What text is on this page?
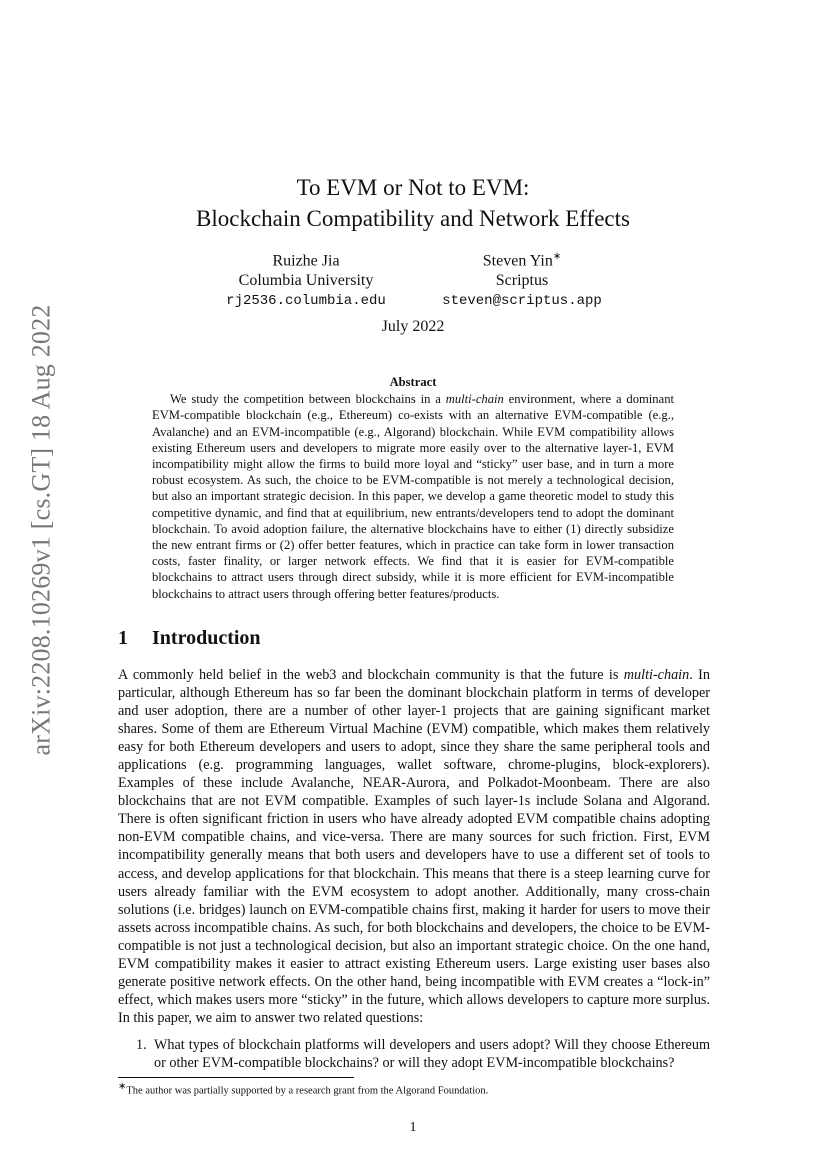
arXiv:2208.10269v1 [cs.GT] 18 Aug 2022
To EVM or Not to EVM:
Blockchain Compatibility and Network Effects
Ruizhe Jia
Columbia University
rj2536.columbia.edu
Steven Yin∗
Scriptus
steven@scriptus.app
July 2022
Abstract

We study the competition between blockchains in a multi-chain environment, where a dominant EVM-compatible blockchain (e.g., Ethereum) co-exists with an alternative EVM-compatible (e.g., Avalanche) and an EVM-incompatible (e.g., Algorand) blockchain. While EVM compatibility allows existing Ethereum users and developers to migrate more easily over to the alternative layer-1, EVM incompatibility might allow the firms to build more loyal and “sticky” user base, and in turn a more robust ecosystem. As such, the choice to be EVM-compatible is not merely a technological decision, but also an important strategic decision. In this paper, we develop a game theoretic model to study this competitive dynamic, and find that at equilibrium, new entrants/developers tend to adopt the dominant blockchain. To avoid adoption failure, the alternative blockchains have to either (1) directly subsidize the new entrant firms or (2) offer better features, which in practice can take form in lower transaction costs, faster finality, or larger network effects. We find that it is easier for EVM-compatible blockchains to attract users through direct subsidy, while it is more efficient for EVM-incompatible blockchains to attract users through offering better features/products.

1 Introduction

A commonly held belief in the web3 and blockchain community is that the future is multi-chain. In particular, although Ethereum has so far been the dominant blockchain platform in terms of developer and user adoption, there are a number of other layer-1 projects that are gaining significant market shares. Some of them are Ethereum Virtual Machine (EVM) compatible, which makes them relatively easy for both Ethereum developers and users to adopt, since they share the same peripheral tools and applications (e.g. programming languages, wallet software, chrome-plugins, block-explorers). Examples of these include Avalanche, NEAR-Aurora, and Polkadot-Moonbeam. There are also blockchains that are not EVM compatible. Examples of such layer-1s include Solana and Algorand. There is often significant friction in users who have already adopted EVM compatible chains adopting non-EVM compatible chains, and vice-versa. There are many sources for such friction. First, EVM incompatibility generally means that both users and developers have to use a different set of tools to access, and develop applications for that blockchain. This means that there is a steep learning curve for users already familiar with the EVM ecosystem to adopt another. Additionally, many cross-chain solutions (i.e. bridges) launch on EVM-compatible chains first, making it harder for users to move their assets across incompatible chains. As such, for both blockchains and developers, the choice to be EVM-compatible is not just a technological decision, but also an important strategic choice. On the one hand, EVM compatibility makes it easier to attract existing Ethereum users. Large existing user bases also generate positive network effects. On the other hand, being incompatible with EVM creates a “lock-in” effect, which makes users more “sticky” in the future, which allows developers to capture more surplus. In this paper, we aim to answer two related questions:

1. What types of blockchain platforms will developers and users adopt? Will they choose Ethereum or other EVM-compatible blockchains? or will they adopt EVM-incompatible blockchains?
∗The author was partially supported by a research grant from the Algorand Foundation.
1
